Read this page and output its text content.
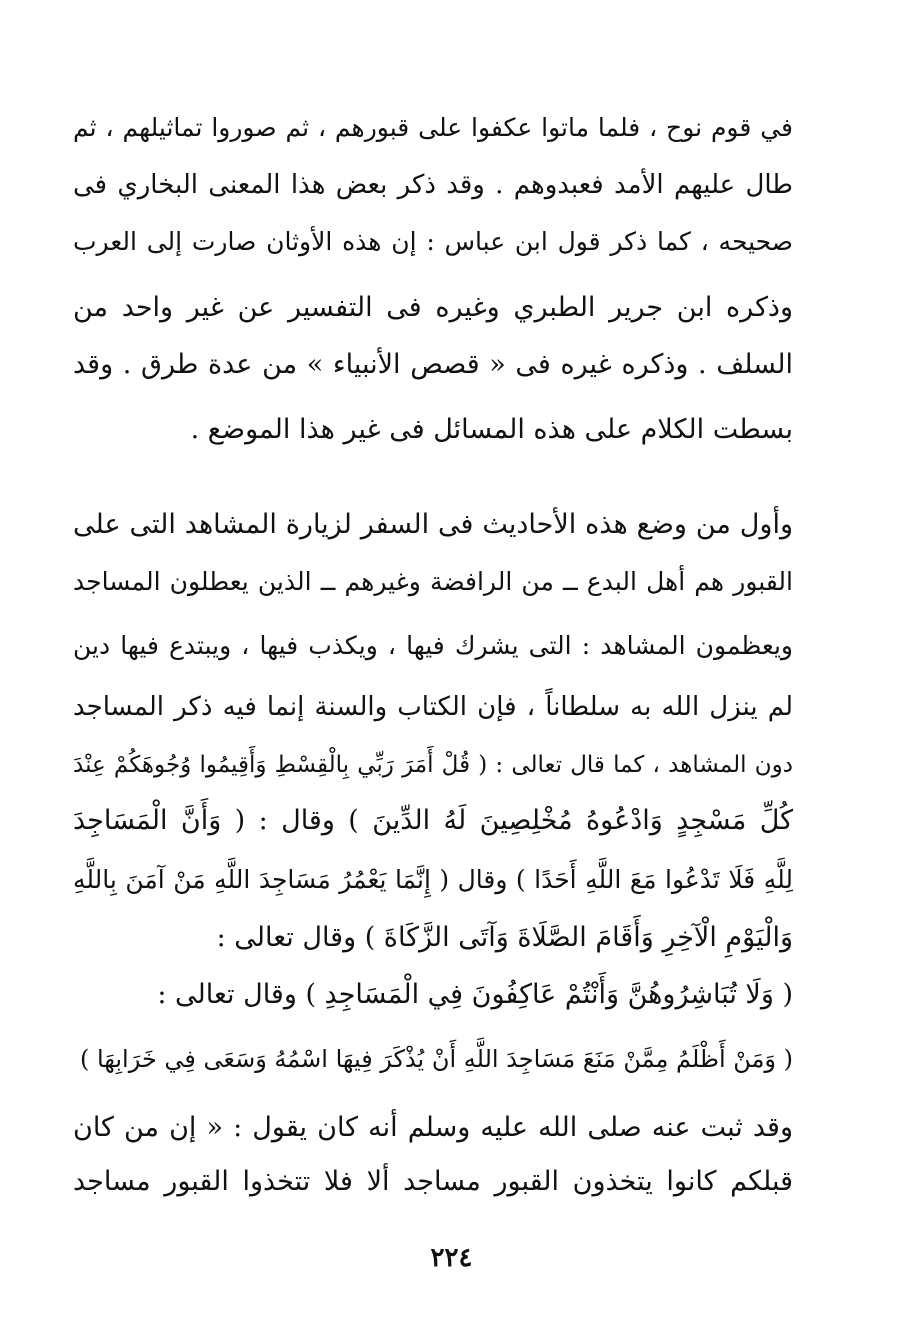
في قوم نوح ، فلما ماتوا عكفوا على قبورهم ، ثم صوروا تماثيلهم ، ثم
طال عليهم الأمد فعبدوهم . وقد ذكر بعض هذا المعنى البخاري فى
صحيحه ، كما ذكر قول ابن عباس : إن هذه الأوثان صارت إلى العرب
وذكره ابن جرير الطبري وغيره فى التفسير عن غير واحد من
السلف . وذكره غيره فى « قصص الأنبياء » من عدة طرق . وقد
بسطت الكلام على هذه المسائل فى غير هذا الموضع .
وأول من وضع هذه الأحاديث فى السفر لزيارة المشاهد التى على
القبور هم أهل البدع ــ من الرافضة وغيرهم ــ الذين يعطلون المساجد
ويعظمون المشاهد : التى يشرك فيها ، ويكذب فيها ، ويبتدع فيها دين
لم ينزل الله به سلطاناً ، فإن الكتاب والسنة إنما فيه ذكر المساجد
دون المشاهد ، كما قال تعالى : ( قُلْ أَمَرَ رَبِّي بِالْقِسْطِ وَأَقِيمُوا وُجُوهَكُمْ عِنْدَ
كُلِّ مَسْجِدٍ وَادْعُوهُ مُخْلِصِينَ لَهُ الدِّينَ ) وقال : ( وَأَنَّ الْمَسَاجِدَ
لِلَّهِ فَلَا تَدْعُوا مَعَ اللَّهِ أَحَدًا ) وقال ( إِنَّمَا يَعْمُرُ مَسَاجِدَ اللَّهِ مَنْ آمَنَ بِاللَّهِ
وَالْيَوْمِ الْآخِرِ وَأَقَامَ الصَّلَاةَ وَآتَى الزَّكَاةَ ) وقال تعالى :
( وَلَا تُبَاشِرُوهُنَّ وَأَنْتُمْ عَاكِفُونَ فِي الْمَسَاجِدِ ) وقال تعالى :
( وَمَنْ أَظْلَمُ مِمَّنْ مَنَعَ مَسَاجِدَ اللَّهِ أَنْ يُذْكَرَ فِيهَا اسْمُهُ وَسَعَى فِي خَرَابِهَا )
وقد ثبت عنه صلى الله عليه وسلم أنه كان يقول : « إن من كان
قبلكم كانوا يتخذون القبور مساجد ألا فلا تتخذوا القبور مساجد
٢٢٤
